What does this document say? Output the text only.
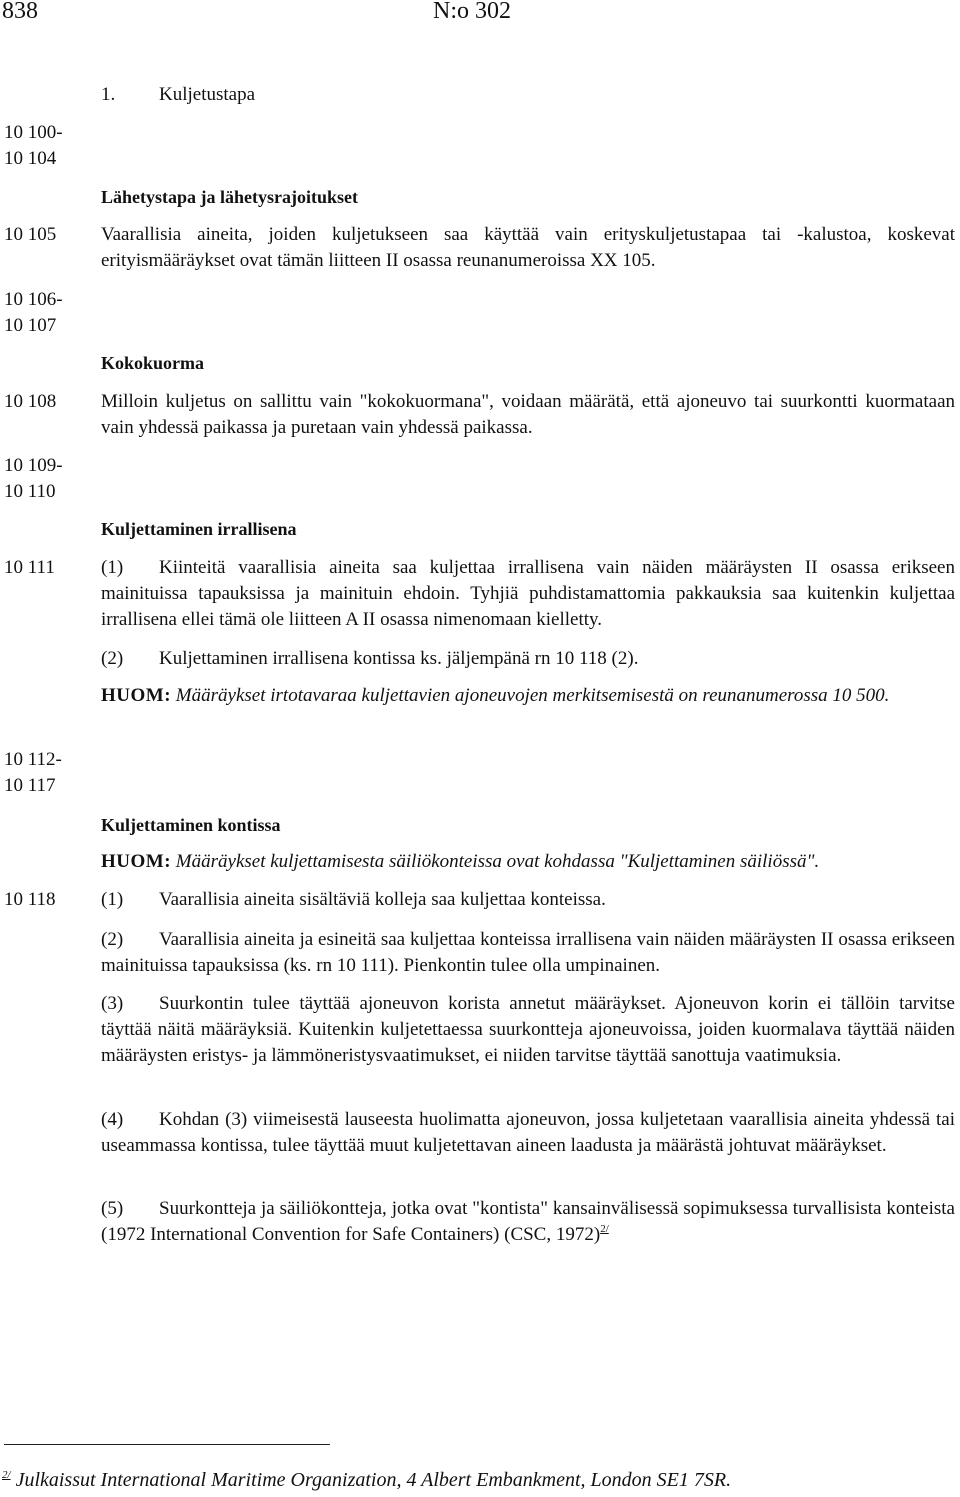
838	N:o 302
1. Kuljetustapa
10 100-
10 104
10 105
10 106-
10 107
10 108
10 109-
10 110
10 111
10 112-
10 117
10 118
Lähetystapa ja lähetysrajoitukset
Kokokuorma
Kuljettaminen irrallisena
Kuljettaminen kontissa
Vaarallisia aineita, joiden kuljetukseen saa käyttää vain erityskuljetustapaa tai -kalustoa, koskevat erityismääräykset ovat tämän liitteen II osassa reunanumeroissa XX 105.
Milloin kuljetus on sallittu vain "kokokuormana", voidaan määrätä, että ajoneuvo tai suurkontti kuormataan vain yhdessä paikassa ja puretaan vain yhdessä paikassa.
(1) Kiinteitä vaarallisia aineita saa kuljettaa irrallisena vain näiden määräysten II osassa erikseen mainituissa tapauksissa ja mainituin ehdoin. Tyhjiä puhdistamattomia pakkauksia saa kuitenkin kuljettaa irrallisena ellei tämä ole liitteen A II osassa nimenomaan kielletty.
(2) Kuljettaminen irrallisena kontissa ks. jäljempänä rn 10 118 (2).
HUOM: Määräykset irtotavaraa kuljettavien ajoneuvojen merkitsemisestä on reunanumerossa 10 500.
HUOM: Määräykset kuljettamisesta säiliökonteissa ovat kohdassa "Kuljettaminen säiliössä".
(1) Vaarallisia aineita sisältäviä kolleja saa kuljettaa konteissa.
(2) Vaarallisia aineita ja esineitä saa kuljettaa konteissa irrallisena vain näiden määräysten II osassa erikseen mainituissa tapauksissa (ks. rn 10 111). Pienkontin tulee olla umpinainen.
(3) Suurkontin tulee täyttää ajoneuvon korista annetut määräykset. Ajoneuvon korin ei tällöin tarvitse täyttää näitä määräyksiä. Kuitenkin kuljetettaessa suurkontteja ajoneuvoissa, joiden kuormalava täyttää näiden määräysten eristys- ja lämmöneristysvaatimukset, ei niiden tarvitse täyttää sanottuja vaatimuksia.
(4) Kohdan (3) viimeisestä lauseesta huolimatta ajoneuvon, jossa kuljetetaan vaarallisia aineita yhdessä tai useammassa kontissa, tulee täyttää muut kuljetettavan aineen laadusta ja määrästä johtuvat määräykset.
(5) Suurkontteja ja säiliökontteja, jotka ovat "kontista" kansainvälisessä sopimuksessa turvallisista konteista (1972 International Convention for Safe Containers) (CSC, 1972)$^{2/}$
$^{2/}$ Julkaissut International Maritime Organization, 4 Albert Embankment, London SE1 7SR.
